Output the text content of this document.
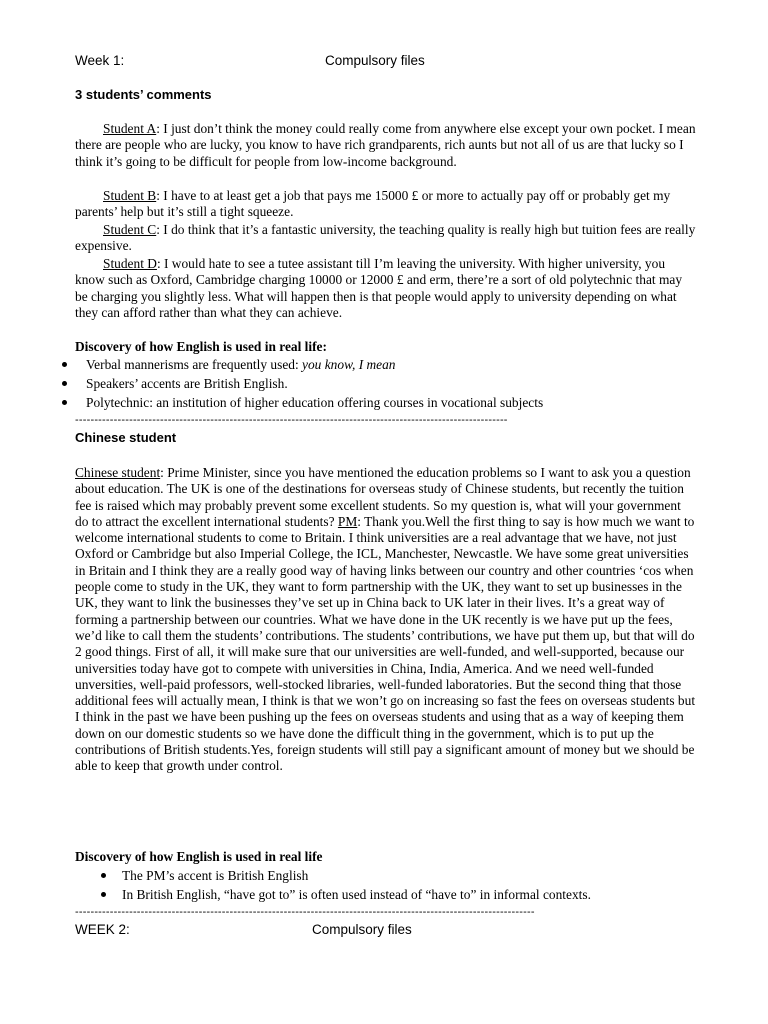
Week 1:	Compulsory files
3 students’ comments

Student A: I just don’t think the money could really come from anywhere else except your own pocket. I mean there are people who are lucky, you know to have rich grandparents, rich aunts but not all of us are that lucky so I think it’s going to be difficult for people from low-income background.

Student B: I have to at least get a job that pays me 15000 £ or more to actually pay off or probably get my parents’ help but it’s still a tight squeeze.

Student C: I do think that it’s a fantastic university, the teaching quality is really high but tuition fees are really expensive.

Student D: I would hate to see a tutee assistant till I’m leaving the university. With higher university, you know such as Oxford, Cambridge charging 10000 or 12000 £ and erm, there’re a sort of old polytechnic that may be charging you slightly less. What will happen then is that people would apply to university depending on what they can afford rather than what they can achieve.

Discovery of how English is used in real life:
Verbal mannerisms are frequently used: you know, I mean
Speakers’ accents are British English.
Polytechnic: an institution of higher education offering courses in vocational subjects
----------------------------------------------------------------------------------------------------------------
Chinese student

Chinese student: Prime Minister, since you have mentioned the education problems so I want to ask you a question about education. The UK is one of the destinations for overseas study of Chinese students, but recently the tuition fee is raised which may probably prevent some excellent students. So my question is, what will your government do to attract the excellent international students? PM: Thank you.Well the first thing to say is how much we want to welcome international students to come to Britain. I think universities are a real advantage that we have, not just Oxford or Cambridge but also Imperial College, the ICL, Manchester, Newcastle. We have some great universities in Britain and I think they are a really good way of having links between our country and other countries ‘cos when people come to study in the UK, they want to form partnership with the UK, they want to set up businesses in the UK, they want to link the businesses they’ve set up in China back to UK later in their lives. It’s a great way of forming a partnership between our countries. What we have done in the UK recently is we have put up the fees, we’d like to call them the students’ contributions. The students’ contributions, we have put them up, but that will do 2 good things. First of all, it will make sure that our universities are well-funded, and well-supported, because our universities today have got to compete with universities in China, India, America. And we need well-funded unversities, well-paid professors, well-stocked libraries, well-funded laboratories. But the second thing that those additional fees will actually mean, I think is that we won’t go on increasing so fast the fees on overseas students but I think in the past we have been pushing up the fees on overseas students and using that as a way of keeping them down on our domestic students so we have done the difficult thing in the government, which is to put up the contributions of British students.Yes, foreign students will still pay a significant amount of money but we should be able to keep that growth under control.

Discovery of how English is used in real life
The PM’s accent is British English
In British English, “have got to” is often used instead of “have to” in informal contexts.
-----------------------------------------------------------------------------------------------------------------------
WEEK 2:	Compulsory files
